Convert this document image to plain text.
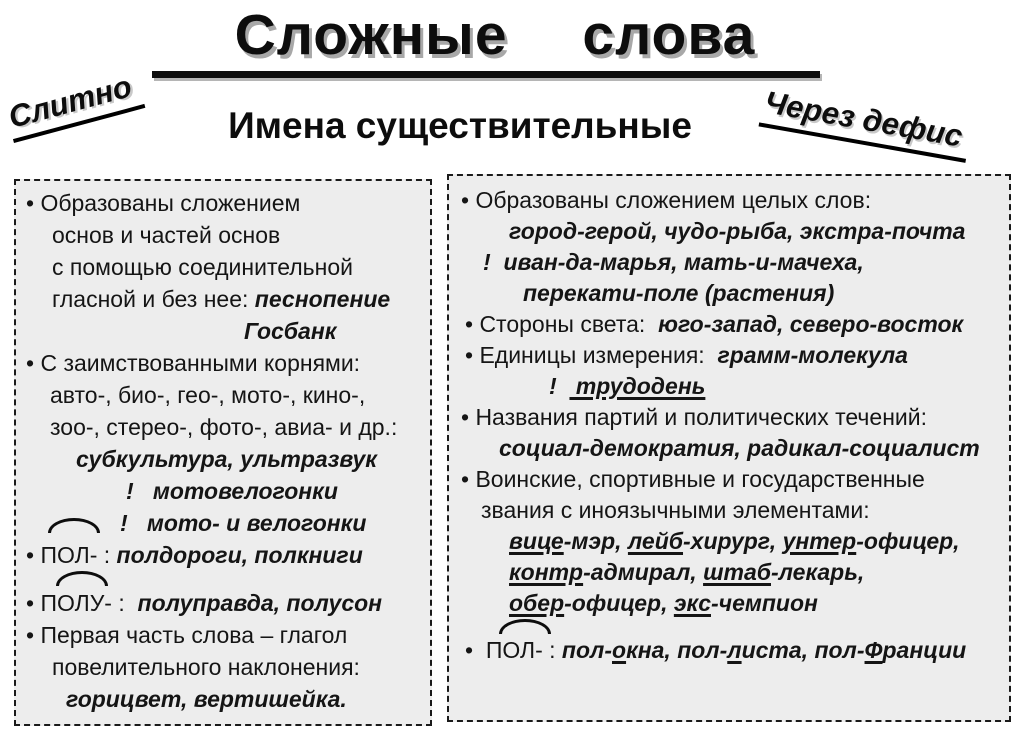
Сложные слова
Слитно	Имена существительные	Через дефис
• Образованы сложением
основ и частей основ
с помощью соединительной
гласной и без нее: песнопение
Госбанк
• С заимствованными корнями:
авто-, био-, гео-, мото-, кино-,
зоо-, стерео-, фото-, авиа- и др.:
субкультура, ультразвук
!   мотовелогонки
!   мото- и велогонки
• ПОЛ- : полдороги, полкниги
• ПОЛУ- :  полуправда, полусон
• Первая часть слова – глагол
повелительного наклонения:
горицвет, вертишейка.
• Образованы сложением целых слов:
город-герой, чудо-рыба, экстра-почта
!  иван-да-марья, мать-и-мачеха,
перекати-поле (растения)
• Стороны света:  юго-запад, северо-восток
• Единицы измерения:  грамм-молекула
!   трудодень
• Названия партий и политических течений:
социал-демократия, радикал-социалист
• Воинские, спортивные и государственные
звания с иноязычными элементами:
вице-мэр, лейб-хирург, унтер-офицер,
контр-адмирал, штаб-лекарь,
обер-офицер, экс-чемпион
•  ПОЛ- : пол-окна, пол-листа, пол-Франции
